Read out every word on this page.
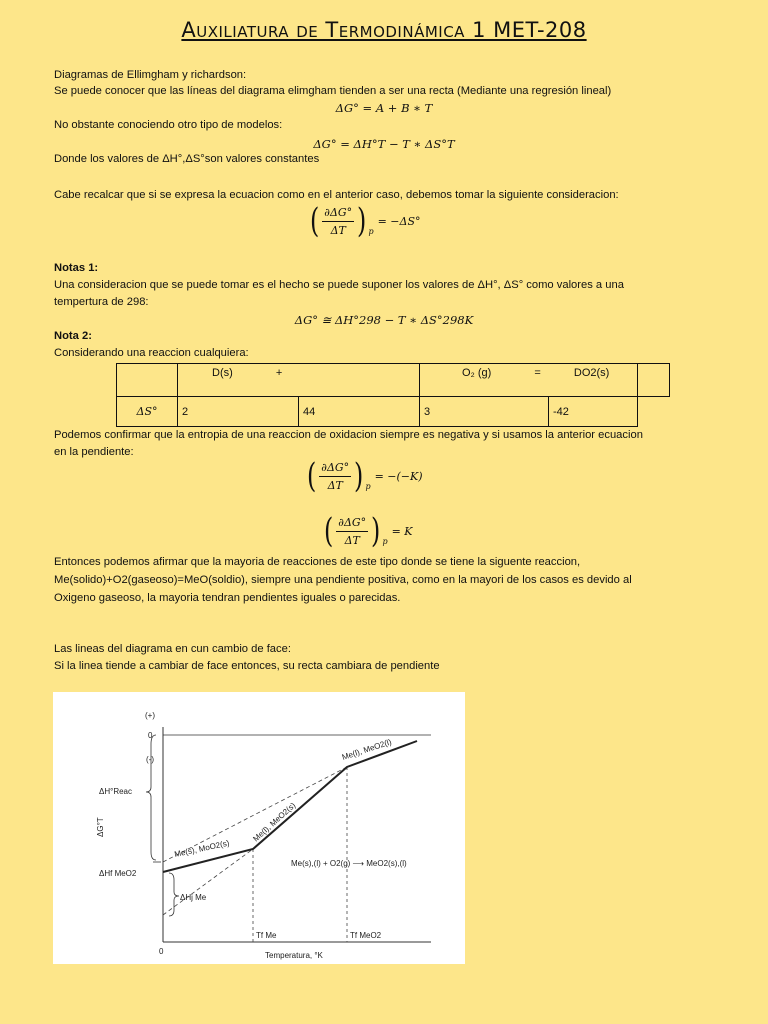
Auxiliatura de Termodinámica 1 MET-208
Diagramas de Ellimgham y richardson:
Se puede conocer que las líneas del diagrama elimgham tienden a ser una recta (Mediante una regresión lineal)
ΔG° = A + B ∗ T
No obstante conociendo otro tipo de modelos:
ΔG° = ΔH°T − T ∗ ΔS°T
Donde los valores de ΔH°,ΔS°son valores constantes
Cabe recalcar que si se expresa la ecuacion como en el anterior caso, debemos tomar la siguiente consideracion:
( $\frac{\partial\Delta G^\circ}{\Delta T}$ ) p
= −ΔS°
Notas 1:
Una consideracion que se puede tomar es el hecho se puede suponer los valores de ΔH°, ΔS° como valores a una
tempertura de 298:
ΔG° ≅ ΔH°298 − T ∗ ΔS°298K
Nota 2:
Considerando una reaccion cualquiera:
	D(s) +		O₂ (g) = DO2(s)		
ΔS°	2	44	3	-42	
Podemos confirmar que la entropia de una reaccion de oxidacion siempre es negativa y si usamos la anterior ecuacion
en la pendiente:
( $\frac{\partial\Delta G^\circ}{\Delta T}$ ) p
= −(−K)
( $\frac{\partial\Delta G^\circ}{\Delta T}$ ) p
= K
Entonces podemos afirmar que la mayoria de reacciones de este tipo donde se tiene la siguente reaccion,
Me(solido)+O2(gaseoso)=MeO(soldio), siempre una pendiente positiva, como en la mayori de los casos es devido al
Oxigeno gaseoso, la mayoria tendran pendientes iguales o parecidas.
Las lineas del diagrama en cun cambio de face:
Si la linea tiende a cambiar de face entonces, su recta cambiara de pendiente
(+)
0
(-)
ΔH°Reac
ΔG°T
ΔHf MeO2
ΔHj Me
Me(s), MoO2(s)
Me(l), MeO2(s)
Me(l), MeO2(l)
Me(s),(l) + O2(g) ⟶ MeO2(s),(l)
Tf Me	Tf MeO2
0	Temperatura, °K
